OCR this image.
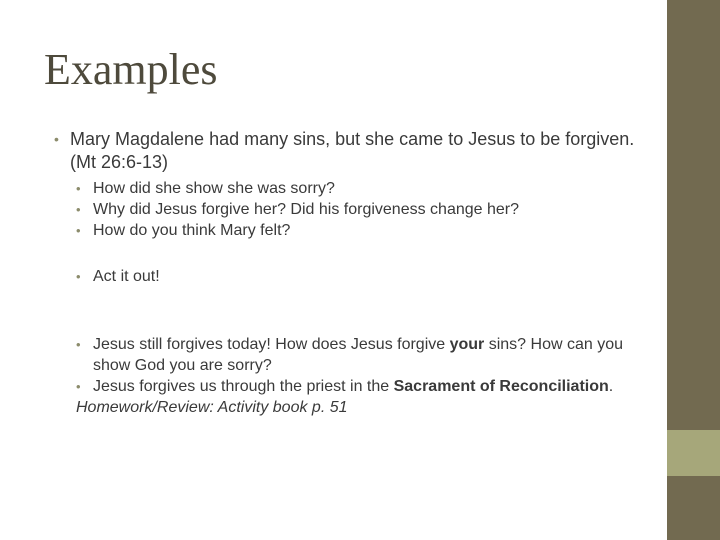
Examples
• Mary Magdalene had many sins, but she came to Jesus to be forgiven. (Mt 26:6-13)
• How did she show she was sorry?
• Why did Jesus forgive her? Did his forgiveness change her?
• How do you think Mary felt?
• Act it out!
• Jesus still forgives today! How does Jesus forgive your sins? How can you show God you are sorry?
• Jesus forgives us through the priest in the Sacrament of Reconciliation.
Homework/Review: Activity book p. 51
